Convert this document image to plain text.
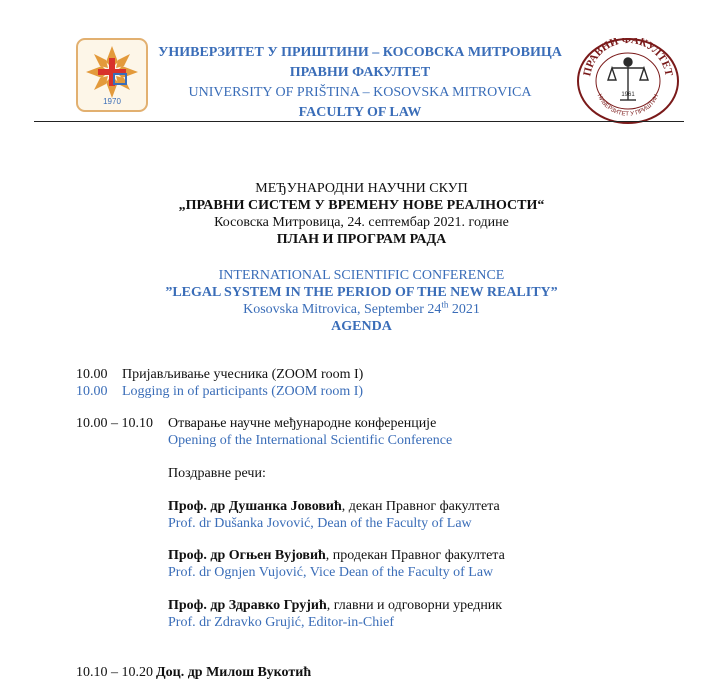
1970
УНИВЕРЗИТЕТ У ПРИШТИНИ – КОСОВСКА МИТРОВИЦА
ПРАВНИ ФАКУЛТЕТ
UNIVERSITY OF PRIŠTINA – KOSOVSKA MITROVICA
FACULTY OF LAW
ПРАВНИ ФАКУЛТЕТ
НИВЕРЗИТЕТ У ПРИШТИН
1961
МЕЂУНАРОДНИ НАУЧНИ СКУП
„ПРАВНИ СИСТЕМ У ВРЕМЕНУ НОВЕ РЕАЛНОСТИ“
Косовска Митровица, 24. септембар 2021. године
ПЛАН И ПРОГРАМ РАДА
INTERNATIONAL SCIENTIFIC CONFERENCE
”LEGAL SYSTEM IN THE PERIOD OF THE NEW REALITY”
Kosovska Mitrovica, September 24th 2021
AGENDA
10.00 Пријављивање учесника (ZOOM room I)
10.00 Logging in of participants (ZOOM room I)
10.00 – 10.10 Отварање научне међународне конференције
Opening of the International Scientific Conference
Поздравне речи:
Проф. др Душанка Јововић, декан Правног факултета
Prof. dr Dušanka Jovović, Dean of the Faculty of Law
Проф. др Огњен Вујовић, продекан Правног факултета
Prof. dr Ognjen Vujović, Vice Dean of the Faculty of Law
Проф. др Здравко Грујић, главни и одговорни уредник
Prof. dr Zdravko Grujić, Editor-in-Chief
10.10 – 10.20 Доц. др Милош Вукотић
